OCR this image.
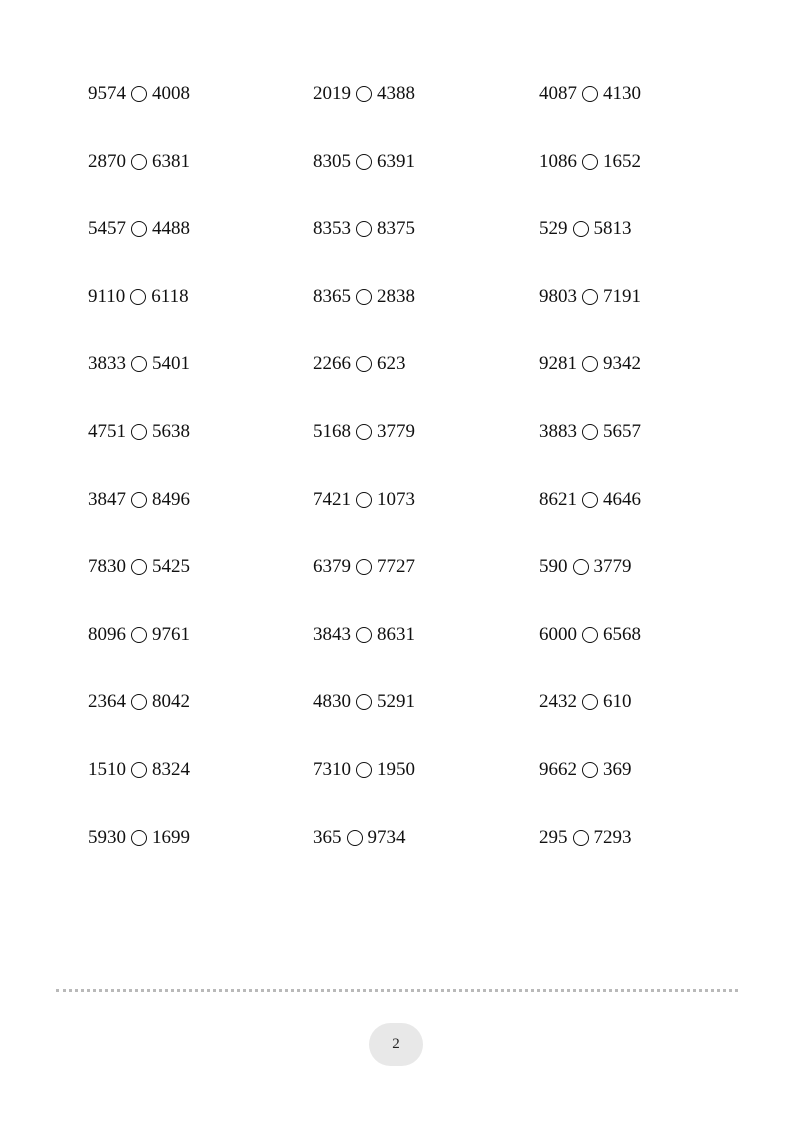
9574 4008
2870 6381
5457 4488
9110 6118
3833 5401
4751 5638
3847 8496
7830 5425
8096 9761
2364 8042
1510 8324
5930 1699
2019 4388
8305 6391
8353 8375
8365 2838
2266 623
5168 3779
7421 1073
6379 7727
3843 8631
4830 5291
7310 1950
365 9734
4087 4130
1086 1652
529 5813
9803 7191
9281 9342
3883 5657
8621 4646
590 3779
6000 6568
2432 610
9662 369
295 7293
2
